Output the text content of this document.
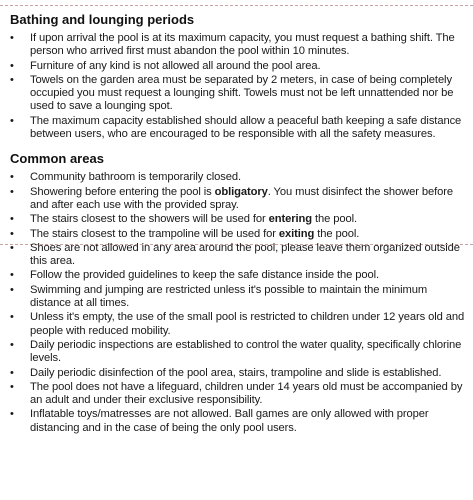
Bathing and lounging periods
• If upon arrival the pool is at its maximum capacity, you must request a bathing shift. The person who arrived first must abandon the pool within 10 minutes.
• Furniture of any kind is not allowed all around the pool area.
• Towels on the garden area must be separated by 2 meters, in case of being completely occupied you must request a lounging shift. Towels must not be left unnattended nor be used to save a lounging spot.
• The maximum capacity established should allow a peaceful bath keeping a safe distance between users, who are encouraged to be responsible with all the safety measures.
Common areas
• Community bathroom is temporarily closed.
• Showering before entering the pool is obligatory. You must disinfect the shower before and after each use with the provided spray.
• The stairs closest to the showers will be used for entering the pool.
• The stairs closest to the trampoline will be used for exiting the pool.
• Shoes are not allowed in any area around the pool, please leave them organized outside this area.
• Follow the provided guidelines to keep the safe distance inside the pool.
• Swimming and jumping are restricted unless it's possible to maintain the minimum distance at all times.
• Unless it's empty, the use of the small pool is restricted to children under 12 years old and people with reduced mobility.
• Daily periodic inspections are established to control the water quality, specifically chlorine levels.
• Daily periodic disinfection of the pool area, stairs, trampoline and slide is established.
• The pool does not have a lifeguard, children under 14 years old must be accompanied by an adult and under their exclusive responsibility.
• Inflatable toys/matresses are not allowed. Ball games are only allowed with proper distancing and in the case of being the only pool users.
